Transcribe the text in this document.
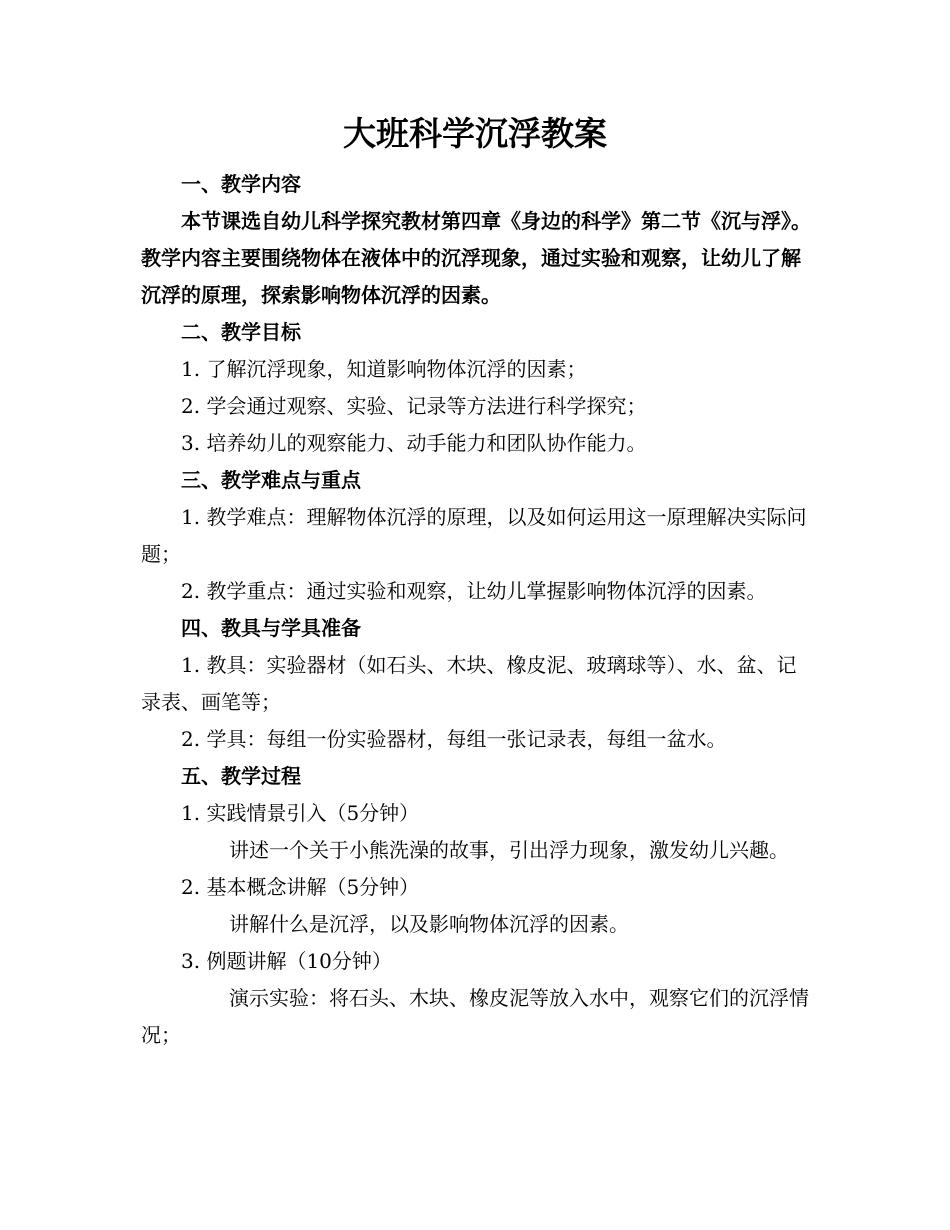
大班科学沉浮教案

一、教学内容

本节课选自幼儿科学探究教材第四章《身边的科学》第二节《沉与浮》。教学内容主要围绕物体在液体中的沉浮现象，通过实验和观察，让幼儿了解沉浮的原理，探索影响物体沉浮的因素。

二、教学目标

1. 了解沉浮现象，知道影响物体沉浮的因素；

2. 学会通过观察、实验、记录等方法进行科学探究；

3. 培养幼儿的观察能力、动手能力和团队协作能力。

三、教学难点与重点

1. 教学难点：理解物体沉浮的原理，以及如何运用这一原理解决实际问题；

2. 教学重点：通过实验和观察，让幼儿掌握影响物体沉浮的因素。

四、教具与学具准备

1. 教具：实验器材（如石头、木块、橡皮泥、玻璃球等）、水、盆、记录表、画笔等；

2. 学具：每组一份实验器材，每组一张记录表，每组一盆水。

五、教学过程

1. 实践情景引入（5分钟）

讲述一个关于小熊洗澡的故事，引出浮力现象，激发幼儿兴趣。

2. 基本概念讲解（5分钟）

讲解什么是沉浮，以及影响物体沉浮的因素。

3. 例题讲解（10分钟）

演示实验：将石头、木块、橡皮泥等放入水中，观察它们的沉浮情况；
